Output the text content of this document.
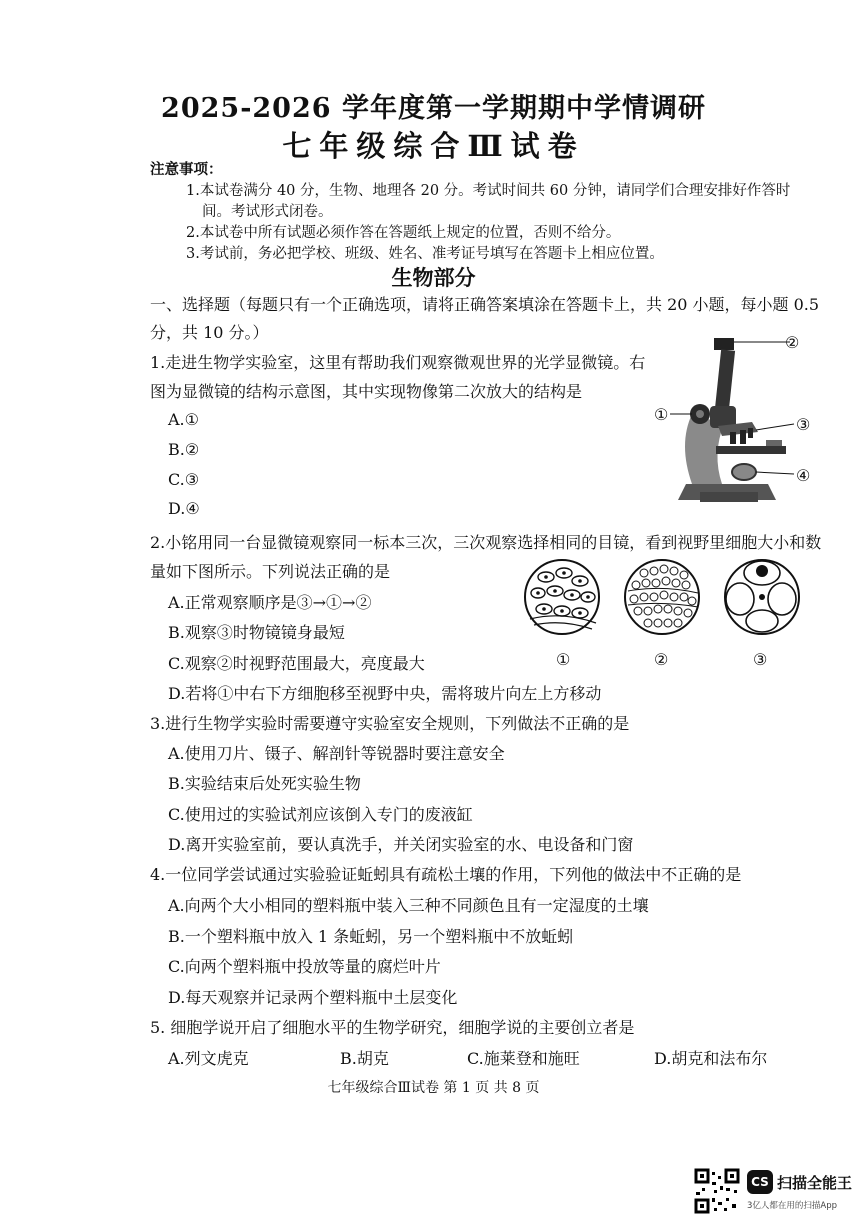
2025-2026 学年度第一学期期中学情调研
七年级综合Ⅲ试卷
注意事项：
1.本试卷满分 40 分，生物、地理各 20 分。考试时间共 60 分钟，请同学们合理安排好作答时
间。考试形式闭卷。
2.本试卷中所有试题必须作答在答题纸上规定的位置，否则不给分。
3.考试前，务必把学校、班级、姓名、准考证号填写在答题卡上相应位置。
生物部分
一、选择题（每题只有一个正确选项，请将正确答案填涂在答题卡上，共 20 小题，每小题 0.5
分，共 10 分。）
1.走进生物学实验室，这里有帮助我们观察微观世界的光学显微镜。右
图为显微镜的结构示意图，其中实现物像第二次放大的结构是
A.①
B.②
C.③
D.④
②
①
③
④
2.小铭用同一台显微镜观察同一标本三次，三次观察选择相同的目镜，看到视野里细胞大小和数
量如下图所示。下列说法正确的是
A.正常观察顺序是③→①→②
B.观察③时物镜镜身最短
C.观察②时视野范围最大，亮度最大
D.若将①中右下方细胞移至视野中央，需将玻片向左上方移动
①	②	③
3.进行生物学实验时需要遵守实验室安全规则，下列做法不正确的是
A.使用刀片、镊子、解剖针等锐器时要注意安全
B.实验结束后处死实验生物
C.使用过的实验试剂应该倒入专门的废液缸
D.离开实验室前，要认真洗手，并关闭实验室的水、电设备和门窗
4.一位同学尝试通过实验验证蚯蚓具有疏松土壤的作用，下列他的做法中不正确的是
A.向两个大小相同的塑料瓶中装入三种不同颜色且有一定湿度的土壤
B.一个塑料瓶中放入 1 条蚯蚓，另一个塑料瓶中不放蚯蚓
C.向两个塑料瓶中投放等量的腐烂叶片
D.每天观察并记录两个塑料瓶中土层变化
5. 细胞学说开启了细胞水平的生物学研究，细胞学说的主要创立者是
A.列文虎克	B.胡克	C.施莱登和施旺	D.胡克和法布尔
七年级综合Ⅲ试卷 第 1 页 共 8 页
CS 扫描全能王
3亿人都在用的扫描App
